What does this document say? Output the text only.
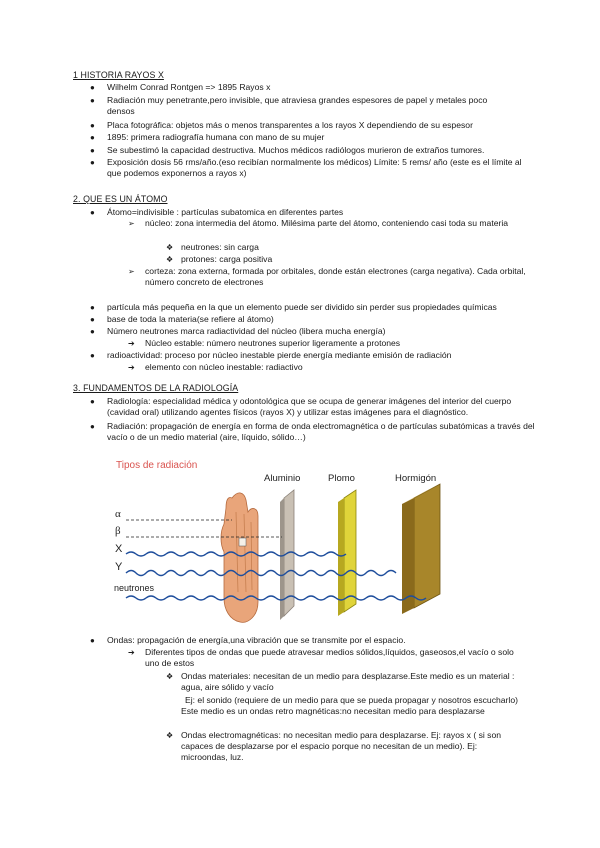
1 HISTORIA RAYOS X
● Wilhelm Conrad Rontgen => 1895 Rayos x
● Radiación muy penetrante,pero invisible, que atraviesa grandes espesores de papel y metales poco densos
● Placa fotográfica: objetos más o menos transparentes a los rayos X dependiendo de su espesor
● 1895: primera radiografía humana con mano de su mujer
● Se subestimó la capacidad destructiva. Muchos médicos radiólogos murieron de extraños tumores.
● Exposición dosis 56 rms/año.(eso recibían normalmente los médicos) Límite: 5 rems/ año (este es el límite al que podemos exponernos a rayos x)
2. QUE ES UN ÁTOMO
● Átomo=indivisible : partículas subatomica en diferentes partes
➢ núcleo: zona intermedia del átomo. Milésima parte del átomo, conteniendo casi toda su materia
❖ neutrones: sin carga
❖ protones: carga positiva
➢ corteza: zona externa, formada por orbitales, donde están electrones (carga negativa). Cada orbital, número concreto de electrones
● partícula más pequeña en la que un elemento puede ser dividido sin perder sus propiedades químicas
● base de toda la materia(se refiere al átomo)
● Número neutrones marca radiactividad del núcleo (libera mucha energía)
➔ Núcleo estable: número neutrones superior ligeramente a protones
● radioactividad: proceso por núcleo inestable pierde energía mediante emisión de radiación
➔ elemento con núcleo inestable: radiactivo
3. FUNDAMENTOS DE LA RADIOLOGÍA
● Radiología: especialidad médica y odontológica que se ocupa de generar imágenes del interior del cuerpo (cavidad oral) utilizando agentes físicos (rayos X) y utilizar estas imágenes para el diagnóstico.
● Radiación: propagación de energía en forma de onda electromagnética o de partículas subatómicas a través del vacío o de un medio material (aire, líquido, sólido…)
Tipos de radiación
Aluminio	Plomo	Hormigón
α
β
X
Y
neutrones
● Ondas: propagación de energía,una vibración que se transmite por el espacio.
➔ Diferentes tipos de ondas que puede atravesar medios sólidos,líquidos, gaseosos,el vacío o solo uno de estos
❖ Ondas materiales: necesitan de un medio para desplazarse.Este medio es un material : agua, aire sólido y vacío
Ej: el sonido (requiere de un medio para que se pueda propagar y nosotros escucharlo) Este medio es un ondas retro magnéticas:no necesitan medio para desplazarse
❖ Ondas electromagnéticas: no necesitan medio para desplazarse. Ej: rayos x ( si son capaces de desplazarse por el espacio porque no necesitan de un medio). Ej: microondas, luz.
